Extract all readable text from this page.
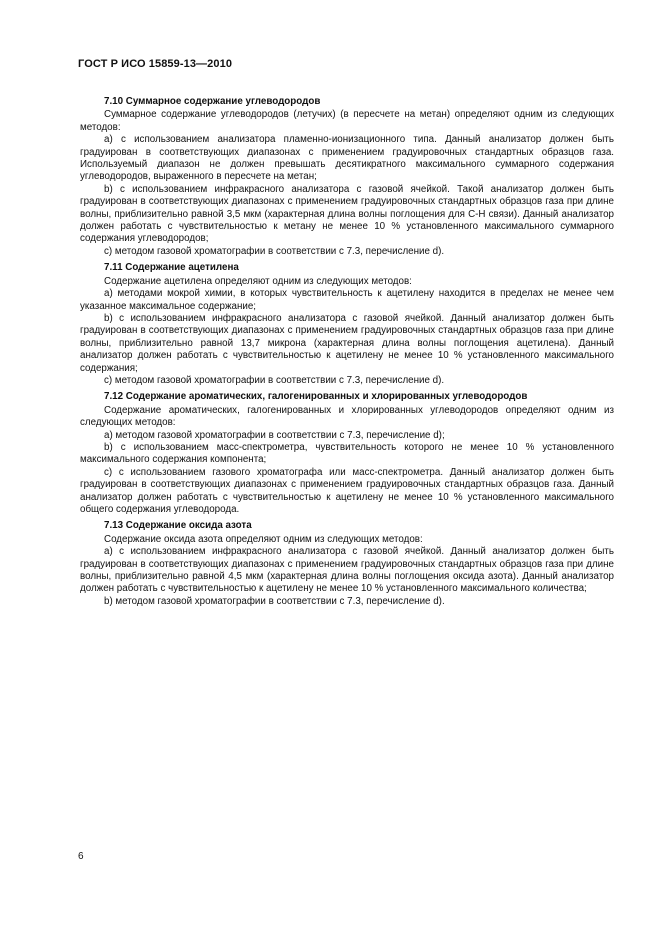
ГОСТ Р ИСО 15859-13—2010

7.10 Суммарное содержание углеводородов

Суммарное содержание углеводородов (летучих) (в пересчете на метан) определяют одним из следующих методов:

a) с использованием анализатора пламенно-ионизационного типа. Данный анализатор должен быть градуирован в соответствующих диапазонах с применением градуировочных стандартных образцов газа. Используемый диапазон не должен превышать десятикратного максимального суммарного содержания углеводородов, выраженного в пересчете на метан;

b) с использованием инфракрасного анализатора с газовой ячейкой. Такой анализатор должен быть градуирован в соответствующих диапазонах с применением градуировочных стандартных образцов газа при длине волны, приблизительно равной 3,5 мкм (характерная длина волны поглощения для C-H связи). Данный анализатор должен работать с чувствительностью к метану не менее 10 % установленного максимального суммарного содержания углеводородов;

c) методом газовой хроматографии в соответствии с 7.3, перечисление d).

7.11 Содержание ацетилена

Содержание ацетилена определяют одним из следующих методов:

a) методами мокрой химии, в которых чувствительность к ацетилену находится в пределах не менее чем указанное максимальное содержание;

b) с использованием инфракрасного анализатора с газовой ячейкой. Данный анализатор должен быть градуирован в соответствующих диапазонах с применением градуировочных стандартных образцов газа при длине волны, приблизительно равной 13,7 микрона (характерная длина волны поглощения ацетилена). Данный анализатор должен работать с чувствительностью к ацетилену не менее 10 % установленного максимального содержания;

c) методом газовой хроматографии в соответствии с 7.3, перечисление d).

7.12 Содержание ароматических, галогенированных и хлорированных углеводородов

Содержание ароматических, галогенированных и хлорированных углеводородов определяют одним из следующих методов:

a) методом газовой хроматографии в соответствии с 7.3, перечисление d);

b) с использованием масс-спектрометра, чувствительность которого не менее 10 % установленного максимального содержания компонента;

c) с использованием газового хроматографа или масс-спектрометра. Данный анализатор должен быть градуирован в соответствующих диапазонах с применением градуировочных стандартных образцов газа. Данный анализатор должен работать с чувствительностью к ацетилену не менее 10 % установленного максимального общего содержания углеводорода.

7.13 Содержание оксида азота

Содержание оксида азота определяют одним из следующих методов:

a) с использованием инфракрасного анализатора с газовой ячейкой. Данный анализатор должен быть градуирован в соответствующих диапазонах с применением градуировочных стандартных образцов газа при длине волны, приблизительно равной 4,5 мкм (характерная длина волны поглощения оксида азота). Данный анализатор должен работать с чувствительностью к ацетилену не менее 10 % установленного максимального количества;

b) методом газовой хроматографии в соответствии с 7.3, перечисление d).

6
